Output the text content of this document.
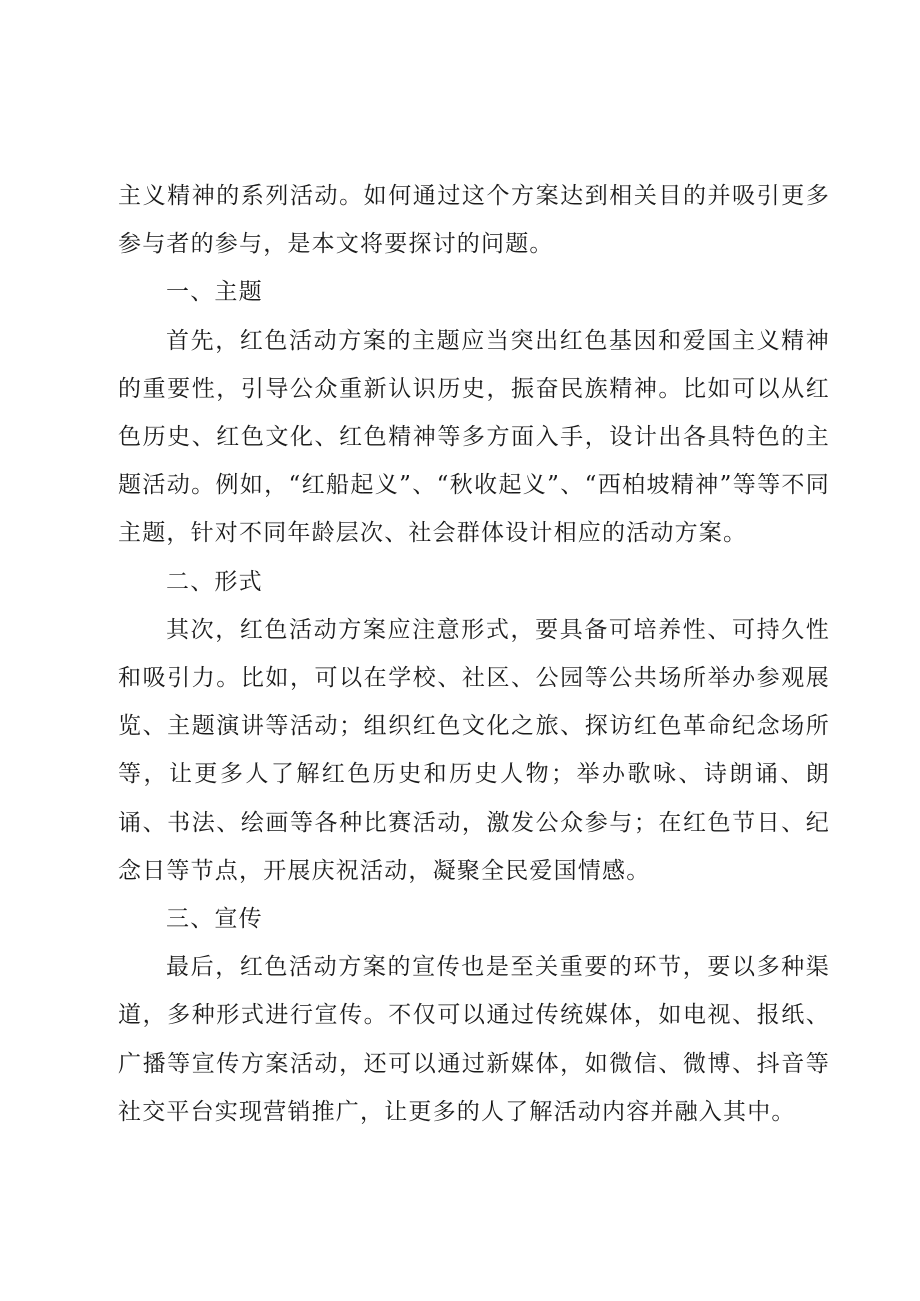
主义精神的系列活动。如何通过这个方案达到相关目的并吸引更多参与者的参与，是本文将要探讨的问题。

一、主题

首先，红色活动方案的主题应当突出红色基因和爱国主义精神的重要性，引导公众重新认识历史，振奋民族精神。比如可以从红色历史、红色文化、红色精神等多方面入手，设计出各具特色的主题活动。例如，“红船起义”、“秋收起义”、“西柏坡精神”等等不同主题，针对不同年龄层次、社会群体设计相应的活动方案。

二、形式

其次，红色活动方案应注意形式，要具备可培养性、可持久性和吸引力。比如，可以在学校、社区、公园等公共场所举办参观展览、主题演讲等活动；组织红色文化之旅、探访红色革命纪念场所等，让更多人了解红色历史和历史人物；举办歌咏、诗朗诵、朗诵、书法、绘画等各种比赛活动，激发公众参与；在红色节日、纪念日等节点，开展庆祝活动，凝聚全民爱国情感。

三、宣传

最后，红色活动方案的宣传也是至关重要的环节，要以多种渠道，多种形式进行宣传。不仅可以通过传统媒体，如电视、报纸、广播等宣传方案活动，还可以通过新媒体，如微信、微博、抖音等社交平台实现营销推广，让更多的人了解活动内容并融入其中。
